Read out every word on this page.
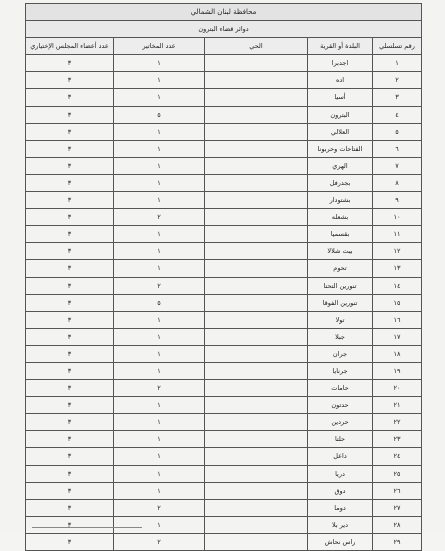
محافظة لبنان الشمالي				
دوائر قضاء البترون				
عدد أعضاء المجلس الإختياري	عدد المخاتير	الحي	البلدة أو القرية	رقم تسلسلي
٣	١		اجدبرا	١
٣	١		اده	٢
٣	١		أسيا	٣
٣	٥		البترون	٤
٣	١		العلالي	٥
٣	١		الفتاحات وحربونا	٦
٣	١		الهري	٧
٣	١		بجدرفل	٨
٣	١		بشتودار	٩
٣	٢		بشعله	١٠
٣	١		بقسميا	١١
٣	١		بيت شلالا	١٢
٣	١		تحوم	١٣
٣	٢		تنورين التحتا	١٤
٣	٥		تنورين الفوقا	١٥
٣	١		تولا	١٦
٣	١		جبلا	١٧
٣	١		جران	١٨
٣	١		جرنايا	١٩
٣	٢		حامات	٢٠
٣	١		حدتون	٢١
٣	١		حردين	٢٢
٣	١		حلتا	٢٣
٣	١		داعل	٢٤
٣	١		دريا	٢٥
٣	١		دوق	٢٦
٣	٢		دوما	٢٧
٣	١		دير بلا	٢٨
٣	٢		راس نحاش	٢٩
